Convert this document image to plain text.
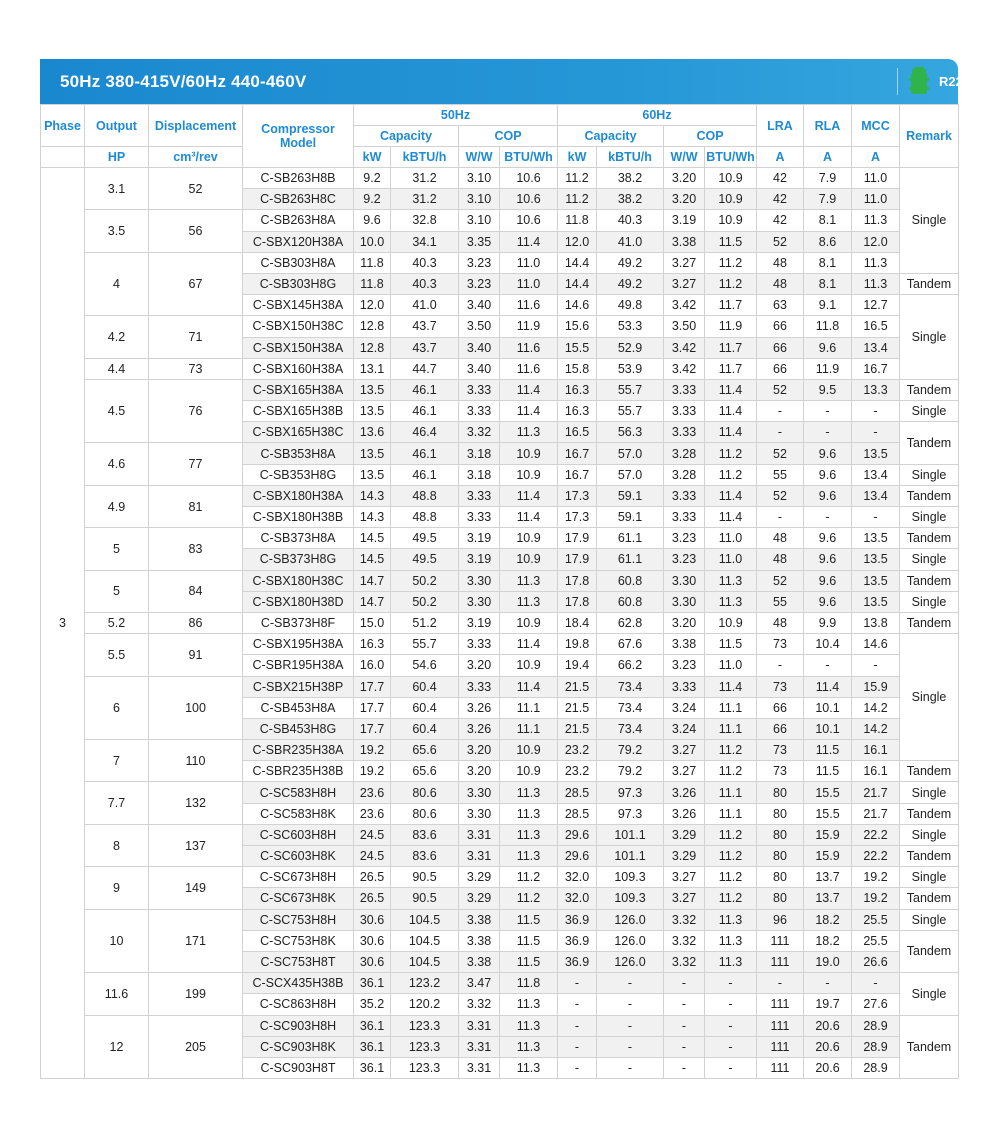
50Hz 380-415V/60Hz 440-460V	R22
Phase	Output	Displacement	Compressor Model	50Hz				60Hz				LRA	RLA	MCC	Remark
				Capacity		COP		Capacity		COP					
	HP	cm³/rev		kW	kBTU/h	W/W	BTU/Wh	kW	kBTU/h	W/W	BTU/Wh	A	A	A	
3	3.1	52	C-SB263H8B	9.2	31.2	3.10	10.6	11.2	38.2	3.20	10.9	42	7.9	11.0	Single
			C-SB263H8C	9.2	31.2	3.10	10.6	11.2	38.2	3.20	10.9	42	7.9	11.0	
	3.5	56	C-SB263H8A	9.6	32.8	3.10	10.6	11.8	40.3	3.19	10.9	42	8.1	11.3	
			C-SBX120H38A	10.0	34.1	3.35	11.4	12.0	41.0	3.38	11.5	52	8.6	12.0	
	4	67	C-SB303H8A	11.8	40.3	3.23	11.0	14.4	49.2	3.27	11.2	48	8.1	11.3	
			C-SB303H8G	11.8	40.3	3.23	11.0	14.4	49.2	3.27	11.2	48	8.1	11.3	Tandem
			C-SBX145H38A	12.0	41.0	3.40	11.6	14.6	49.8	3.42	11.7	63	9.1	12.7	Single
	4.2	71	C-SBX150H38C	12.8	43.7	3.50	11.9	15.6	53.3	3.50	11.9	66	11.8	16.5	
			C-SBX150H38A	12.8	43.7	3.40	11.6	15.5	52.9	3.42	11.7	66	9.6	13.4	
	4.4	73	C-SBX160H38A	13.1	44.7	3.40	11.6	15.8	53.9	3.42	11.7	66	11.9	16.7	
	4.5	76	C-SBX165H38A	13.5	46.1	3.33	11.4	16.3	55.7	3.33	11.4	52	9.5	13.3	Tandem
			C-SBX165H38B	13.5	46.1	3.33	11.4	16.3	55.7	3.33	11.4	-	-	-	Single
			C-SBX165H38C	13.6	46.4	3.32	11.3	16.5	56.3	3.33	11.4	-	-	-	Tandem
	4.6	77	C-SB353H8A	13.5	46.1	3.18	10.9	16.7	57.0	3.28	11.2	52	9.6	13.5	
			C-SB353H8G	13.5	46.1	3.18	10.9	16.7	57.0	3.28	11.2	55	9.6	13.4	Single
	4.9	81	C-SBX180H38A	14.3	48.8	3.33	11.4	17.3	59.1	3.33	11.4	52	9.6	13.4	Tandem
			C-SBX180H38B	14.3	48.8	3.33	11.4	17.3	59.1	3.33	11.4	-	-	-	Single
	5	83	C-SB373H8A	14.5	49.5	3.19	10.9	17.9	61.1	3.23	11.0	48	9.6	13.5	Tandem
			C-SB373H8G	14.5	49.5	3.19	10.9	17.9	61.1	3.23	11.0	48	9.6	13.5	Single
	5	84	C-SBX180H38C	14.7	50.2	3.30	11.3	17.8	60.8	3.30	11.3	52	9.6	13.5	Tandem
			C-SBX180H38D	14.7	50.2	3.30	11.3	17.8	60.8	3.30	11.3	55	9.6	13.5	Single
	5.2	86	C-SB373H8F	15.0	51.2	3.19	10.9	18.4	62.8	3.20	10.9	48	9.9	13.8	Tandem
	5.5	91	C-SBX195H38A	16.3	55.7	3.33	11.4	19.8	67.6	3.38	11.5	73	10.4	14.6	Single
			C-SBR195H38A	16.0	54.6	3.20	10.9	19.4	66.2	3.23	11.0	-	-	-	
	6	100	C-SBX215H38P	17.7	60.4	3.33	11.4	21.5	73.4	3.33	11.4	73	11.4	15.9	
			C-SB453H8A	17.7	60.4	3.26	11.1	21.5	73.4	3.24	11.1	66	10.1	14.2	
			C-SB453H8G	17.7	60.4	3.26	11.1	21.5	73.4	3.24	11.1	66	10.1	14.2	
	7	110	C-SBR235H38A	19.2	65.6	3.20	10.9	23.2	79.2	3.27	11.2	73	11.5	16.1	
			C-SBR235H38B	19.2	65.6	3.20	10.9	23.2	79.2	3.27	11.2	73	11.5	16.1	Tandem
	7.7	132	C-SC583H8H	23.6	80.6	3.30	11.3	28.5	97.3	3.26	11.1	80	15.5	21.7	Single
			C-SC583H8K	23.6	80.6	3.30	11.3	28.5	97.3	3.26	11.1	80	15.5	21.7	Tandem
	8	137	C-SC603H8H	24.5	83.6	3.31	11.3	29.6	101.1	3.29	11.2	80	15.9	22.2	Single
			C-SC603H8K	24.5	83.6	3.31	11.3	29.6	101.1	3.29	11.2	80	15.9	22.2	Tandem
	9	149	C-SC673H8H	26.5	90.5	3.29	11.2	32.0	109.3	3.27	11.2	80	13.7	19.2	Single
			C-SC673H8K	26.5	90.5	3.29	11.2	32.0	109.3	3.27	11.2	80	13.7	19.2	Tandem
	10	171	C-SC753H8H	30.6	104.5	3.38	11.5	36.9	126.0	3.32	11.3	96	18.2	25.5	Single
			C-SC753H8K	30.6	104.5	3.38	11.5	36.9	126.0	3.32	11.3	111	18.2	25.5	Tandem
			C-SC753H8T	30.6	104.5	3.38	11.5	36.9	126.0	3.32	11.3	111	19.0	26.6	
	11.6	199	C-SCX435H38B	36.1	123.2	3.47	11.8	-	-	-	-	-	-	-	Single
			C-SC863H8H	35.2	120.2	3.32	11.3	-	-	-	-	111	19.7	27.6	
	12	205	C-SC903H8H	36.1	123.3	3.31	11.3	-	-	-	-	111	20.6	28.9	Tandem
			C-SC903H8K	36.1	123.3	3.31	11.3	-	-	-	-	111	20.6	28.9	
			C-SC903H8T	36.1	123.3	3.31	11.3	-	-	-	-	111	20.6	28.9	
